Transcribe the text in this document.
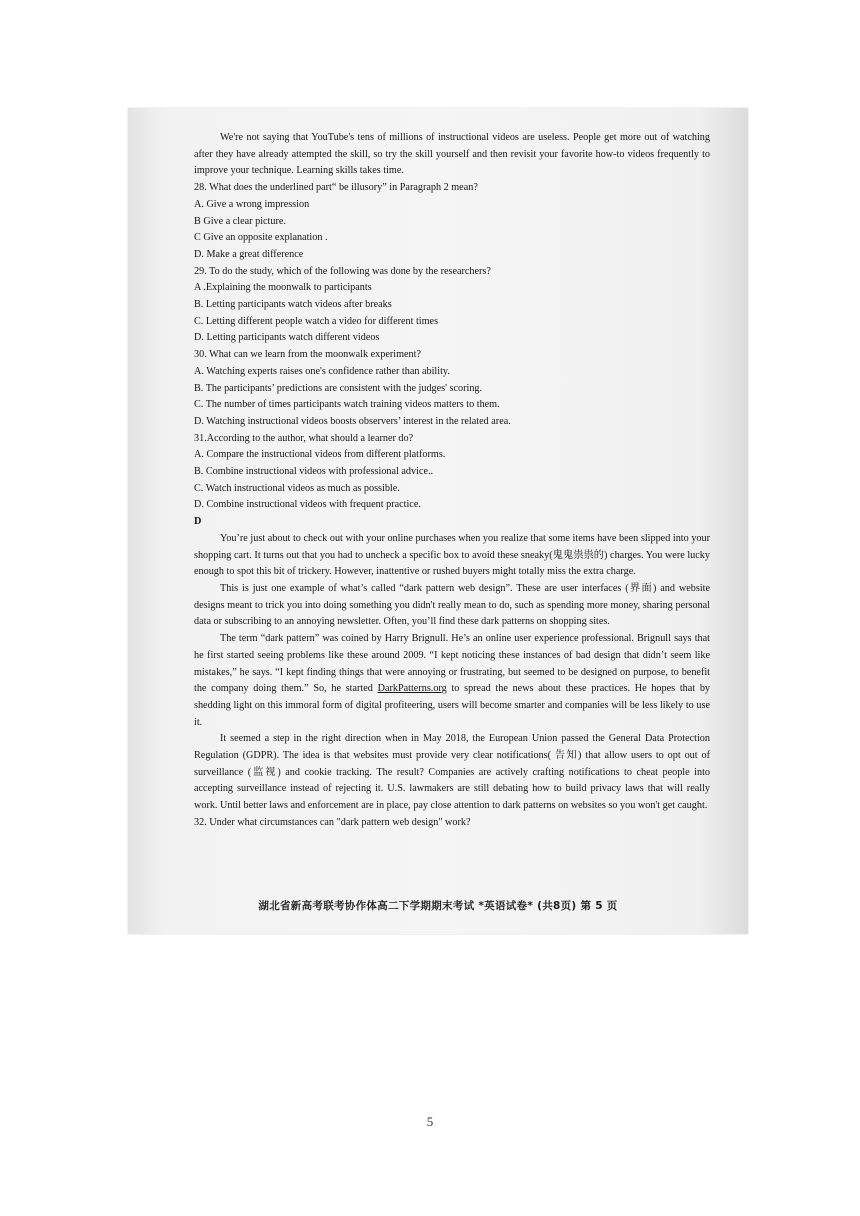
We're not saying that YouTube's tens of millions of instructional videos are useless. People get more out of watching after they have already attempted the skill, so try the skill yourself and then revisit your favorite how-to videos frequently to improve your technique. Learning skills takes time.

28. What does the underlined part“ be illusory” in Paragraph 2 mean?

A. Give a wrong impression

B Give a clear picture.

C Give an opposite explanation .

D. Make a great difference

29. To do the study, which of the following was done by the researchers?

A .Explaining the moonwalk to participants

B. Letting participants watch videos after breaks

C. Letting different people watch a video for different times

D. Letting participants watch different videos

30. What can we learn from the moonwalk experiment?

A. Watching experts raises one's confidence rather than ability.

B. The participants’ predictions are consistent with the judges' scoring.

C. The number of times participants watch training videos matters to them.

D. Watching instructional videos boosts observers’ interest in the related area.

31.According to the author, what should a learner do?

A. Compare the instructional videos from different platforms.

B. Combine instructional videos with professional advice..

C. Watch instructional videos as much as possible.

D. Combine instructional videos with frequent practice.

D

You’re just about to check out with your online purchases when you realize that some items have been slipped into your shopping cart. It turns out that you had to uncheck a specific box to avoid these sneaky(鬼鬼祟祟的) charges. You were lucky enough to spot this bit of trickery. However, inattentive or rushed buyers might totally miss the extra charge.

This is just one example of what’s called “dark pattern web design”. These are user interfaces (界面) and website designs meant to trick you into doing something you didn't really mean to do, such as spending more money, sharing personal data or subscribing to an annoying newsletter. Often, you’ll find these dark patterns on shopping sites.

The term “dark pattern” was coined by Harry Brignull. He’s an online user experience professional. Brignull says that he first started seeing problems like these around 2009. “I kept noticing these instances of bad design that didn’t seem like mistakes,” he says. “I kept finding things that were annoying or frustrating, but seemed to be designed on purpose, to benefit the company doing them.” So, he started DarkPatterns.org to spread the news about these practices. He hopes that by shedding light on this immoral form of digital profiteering, users will become smarter and companies will be less likely to use it.

It seemed a step in the right direction when in May 2018, the European Union passed the General Data Protection Regulation (GDPR). The idea is that websites must provide very clear notifications( 告知) that allow users to opt out of surveillance (监视) and cookie tracking. The result? Companies are actively crafting notifications to cheat people into accepting surveillance instead of rejecting it. U.S. lawmakers are still debating how to build privacy laws that will really work. Until better laws and enforcement are in place, pay close attention to dark patterns on websites so you won't get caught.

32. Under what circumstances can "dark pattern web design" work?

湖北省新高考联考协作体高二下学期期末考试 *英语试卷* (共8页) 第 5 页
5
